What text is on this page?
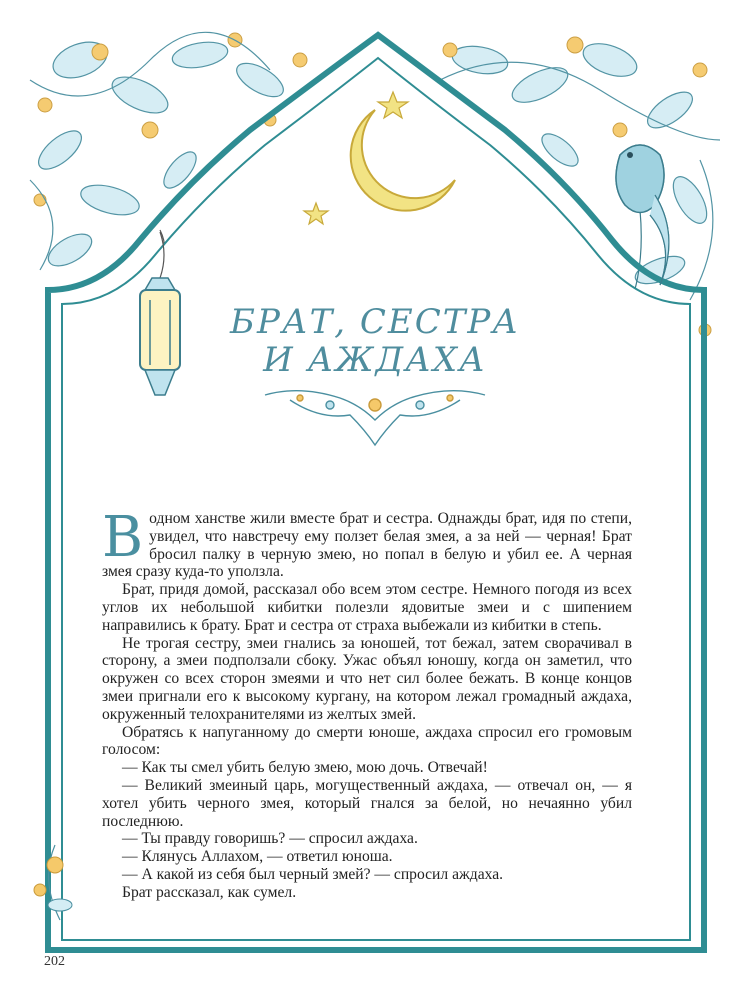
БРАТ, СЕСТРА
И АЖДАХА

Водном ханстве жили вместе брат и сестра. Однажды брат, идя по степи, увидел, что навстречу ему ползет белая змея, а за ней — черная! Брат бросил палку в черную змею, но попал в белую и убил ее. А черная змея сразу куда-то уползла.

Брат, придя домой, рассказал обо всем этом сестре. Немного погодя из всех углов их небольшой кибитки полезли ядовитые змеи и с шипением направились к брату. Брат и сестра от страха выбежали из кибитки в степь.

Не трогая сестру, змеи гнались за юношей, тот бежал, затем сворачивал в сторону, а змеи подползали сбоку. Ужас объял юношу, когда он заметил, что окружен со всех сторон змеями и что нет сил более бежать. В конце концов змеи пригнали его к высокому кургану, на котором лежал громадный аждаха, окруженный телохранителями из желтых змей.

Обратясь к напуганному до смерти юноше, аждаха спросил его громовым голосом:

— Как ты смел убить белую змею, мою дочь. Отвечай!

— Великий змеиный царь, могущественный аждаха, — отвечал он, — я хотел убить черного змея, который гнался за белой, но нечаянно убил последнюю.

— Ты правду говоришь? — спросил аждаха.

— Клянусь Аллахом, — ответил юноша.

— А какой из себя был черный змей? — спросил аждаха.

Брат рассказал, как сумел.

202
